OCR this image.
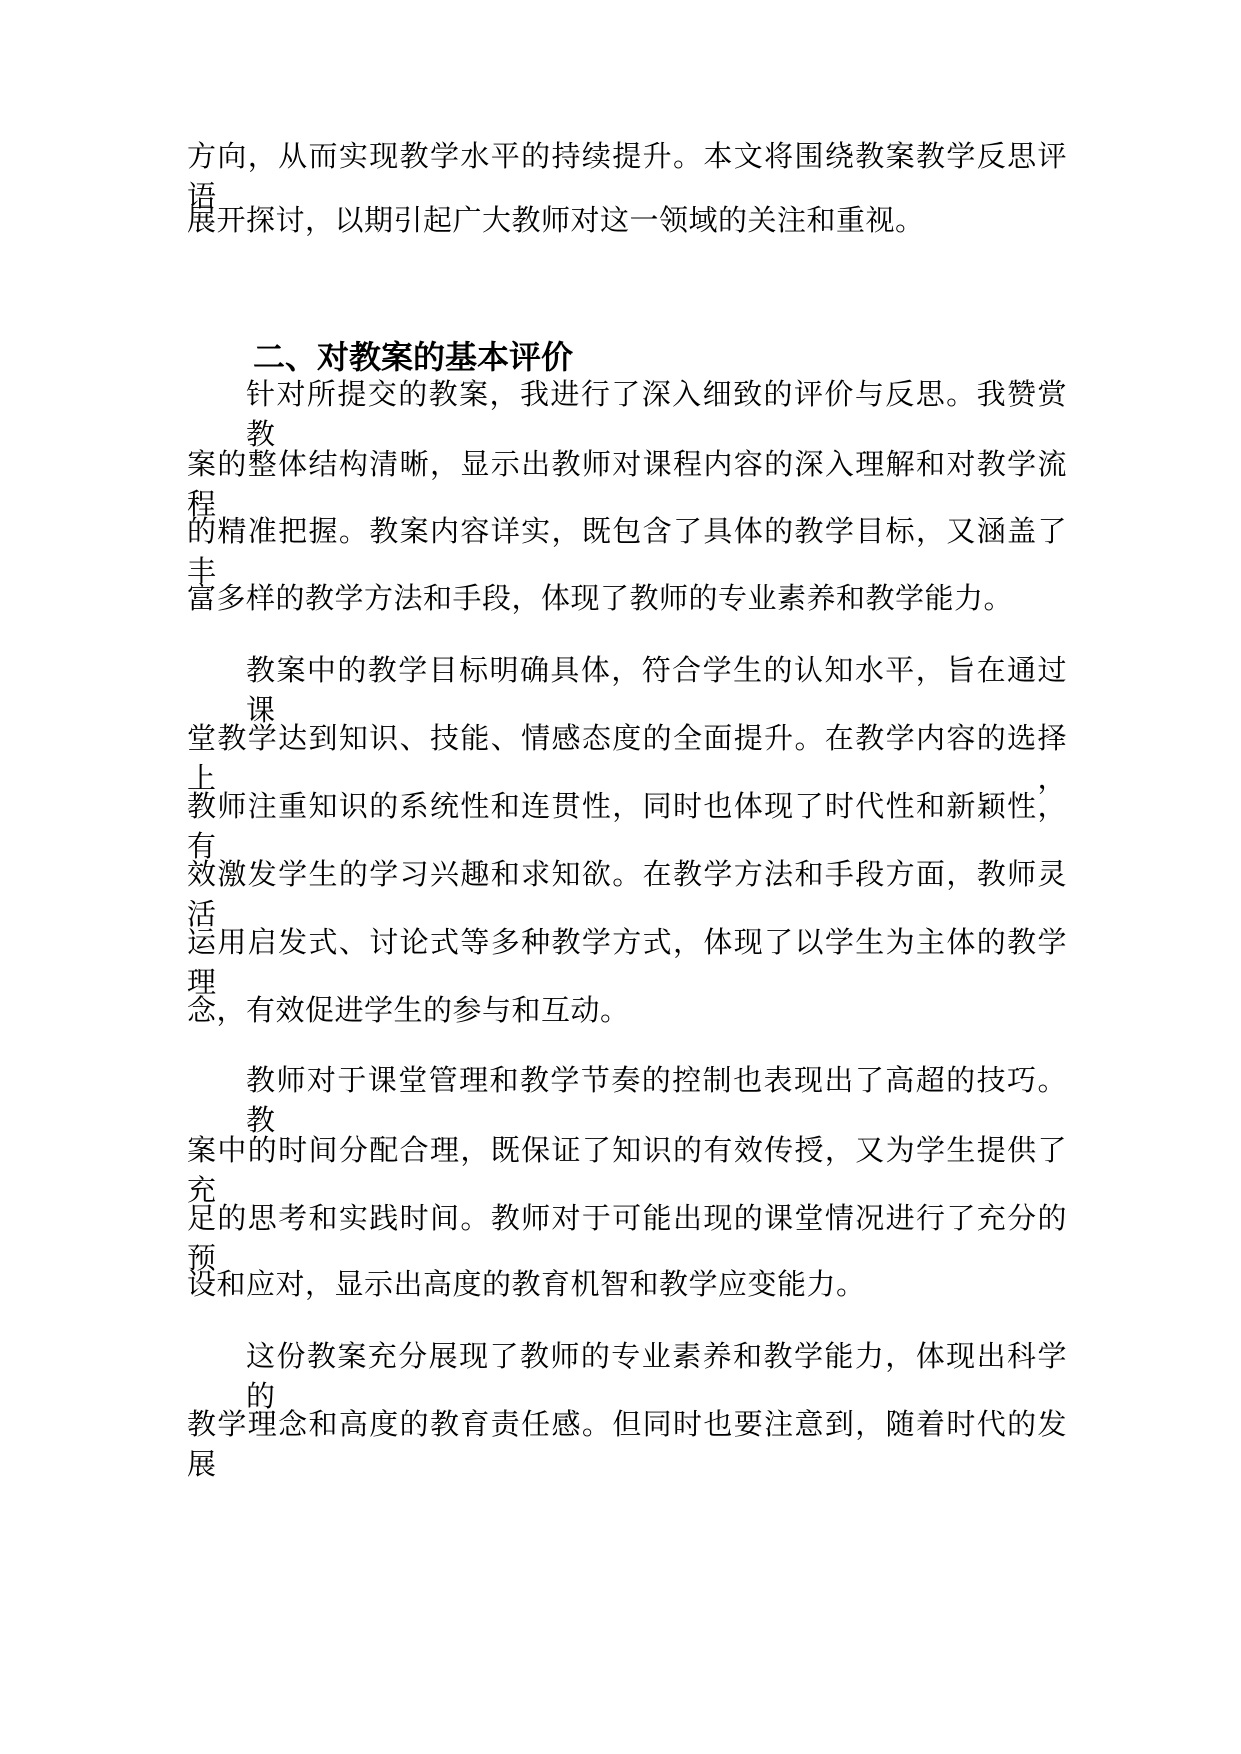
方向，从而实现教学水平的持续提升。本文将围绕教案教学反思评语
展开探讨，以期引起广大教师对这一领域的关注和重视。
二、对教案的基本评价
针对所提交的教案，我进行了深入细致的评价与反思。我赞赏教
案的整体结构清晰，显示出教师对课程内容的深入理解和对教学流程
的精准把握。教案内容详实，既包含了具体的教学目标，又涵盖了丰
富多样的教学方法和手段，体现了教师的专业素养和教学能力。
教案中的教学目标明确具体，符合学生的认知水平，旨在通过课
堂教学达到知识、技能、情感态度的全面提升。在教学内容的选择上，
教师注重知识的系统性和连贯性，同时也体现了时代性和新颖性，有
效激发学生的学习兴趣和求知欲。在教学方法和手段方面，教师灵活
运用启发式、讨论式等多种教学方式，体现了以学生为主体的教学理
念，有效促进学生的参与和互动。
教师对于课堂管理和教学节奏的控制也表现出了高超的技巧。教
案中的时间分配合理，既保证了知识的有效传授，又为学生提供了充
足的思考和实践时间。教师对于可能出现的课堂情况进行了充分的预
设和应对，显示出高度的教育机智和教学应变能力。
这份教案充分展现了教师的专业素养和教学能力，体现出科学的
教学理念和高度的教育责任感。但同时也要注意到，随着时代的发展
